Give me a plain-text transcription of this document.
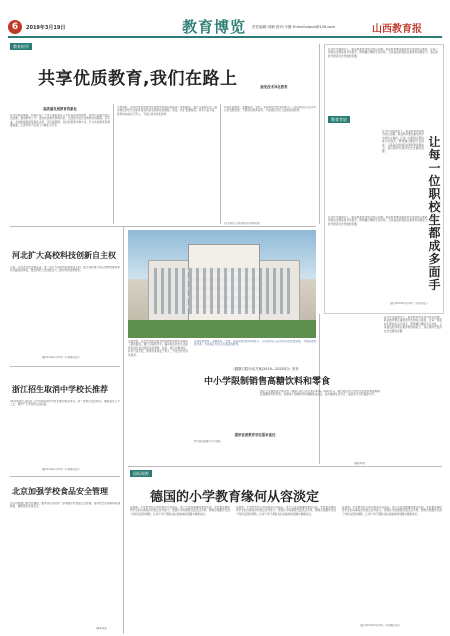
6	2019年3月19日	教育博览 责任编辑:刘颖 校对:平静 ✉:mail:xlpub@126.com	山西教育报
教育时评
共享优质教育,我们在路上
高质量发展教育的新业
在今年两会期间，如何让每一个孩子都能享有公平而有质量的教育，成为代表委员热议的话题。推进教育公平、促进优质教育资源共享，已经成为社会各界的共同期待。近年来，各地积极探索集团化办学、学区制管理、名校托管等多种方式，扩大优质教育资源覆盖面，让更多孩子在家门口就能上好学。
与此同时，信息技术的发展为优质教育资源共享提供了新的路径。通过互联网平台，偏远地区的学生也能享受到名校名师的优质课程。但是，我们也要看到，技术只是手段，教育的本质在于育人，不能让技术异化教育。
共享优质教育，需要政府、学校、家庭和社会的共同努力。只有坚持以人民为中心的发展思想，不断深化教育改革，才能真正办好人民满意的教育。
能免技术异化教育
教育者说
在今年全国两会上，职业教育再次成为热议话题。职业教育要注重培养学生的综合素质，让每一位职校生都能成为多面手，既掌握过硬的专业技能，又具备良好的职业素养和创新能力，适应新时代经济社会发展的需要。
让每一位职校生都成多面手
在今年全国两会上，职业教育再次成为热议话题。职业教育要注重培养学生的综合素质，让每一位职校生都能成为多面手，既掌握过硬的专业技能，又具备良好的职业素养和创新能力，适应新时代经济社会发展的需要。
在今年全国两会上，职业教育再次成为热议话题。职业教育要注重培养学生的综合素质，让每一位职校生都能成为多面手，既掌握过硬的专业技能，又具备良好的职业素养和创新能力，适应新时代经济社会发展的需要。
(摘自2019年3月18日《光明日报》)
河北扩大高校科技创新自主权
日前，河北省印发实施意见，进一步扩大高校科技创新自主权，赋予高校更大的人财物支配权和技术路线决策权，激发科研人员创新活力，推动科技成果转化。
(据2019年3月18日《中国教育报》)
浙江招生取消中学校长推荐
2019年浙江省招生工作中将取消中学校长推荐相关内容，进一步规范招生秩序，确保招生公平公正，维护广大考生的合法权益。
(据2019年3月18日《中国教育报》)
北京加强学校食品安全管理
北京市教委日前发布通知，要求各区各校进一步加强学校食品安全管理，落实校长负责制和陪餐制度，确保师生饮食安全。
(据新华网)
与此同时，信息技术的发展为优质教育资源共享提供了新的路径。通过互联网平台，偏远地区的学生也能享受到名校名师的优质课程。但是，我们也要看到，技术只是手段，教育的本质在于育人，不能让技术异化教育。
共享优质教育，需要政府、学校、家庭和社会的共同努力。只有坚持以人民为中心的发展思想，不断深化教育改革，才能真正办好人民满意的教育。
提供优质教育学位需求途径
图为某地新建中小学校园。
《健康口腔行动方案(2019—2025年)》发布
中小学限制销售高糖饮料和零食
国家卫生健康委日前印发《健康口腔行动方案(2019—2025年)》，提出要在中小学校及托幼机构限制销售高糖饮料和零食，食堂减少含糖饮料和高糖食品供应，倡导健康生活方式，提高学生口腔健康水平。
(据新华网)
在今年全国两会上，职业教育再次成为热议话题。职业教育要注重培养学生的综合素质，让每一位职校生都能成为多面手，既掌握过硬的专业技能，又具备良好的职业素养和创新能力，适应新时代经济社会发展的需要。
国际视野
德国的小学教育缘何从容淡定
在德国，小学教育给人的印象是从容淡定。孩子们没有繁重的课业负担，学校更注重培养学生的兴趣爱好和独立思考能力。德国小学的课程设置灵活多样，教师会根据学生的个性特点因材施教，让每个孩子都能在轻松愉快的氛围中健康成长。
在德国，小学教育给人的印象是从容淡定。孩子们没有繁重的课业负担，学校更注重培养学生的兴趣爱好和独立思考能力。德国小学的课程设置灵活多样，教师会根据学生的个性特点因材施教，让每个孩子都能在轻松愉快的氛围中健康成长。
在德国，小学教育给人的印象是从容淡定。孩子们没有繁重的课业负担，学校更注重培养学生的兴趣爱好和独立思考能力。德国小学的课程设置灵活多样，教师会根据学生的个性特点因材施教，让每个孩子都能在轻松愉快的氛围中健康成长。
(摘自2019年3月18日《中国教育报》)
(作者单位:山西省教育科学研究院)
